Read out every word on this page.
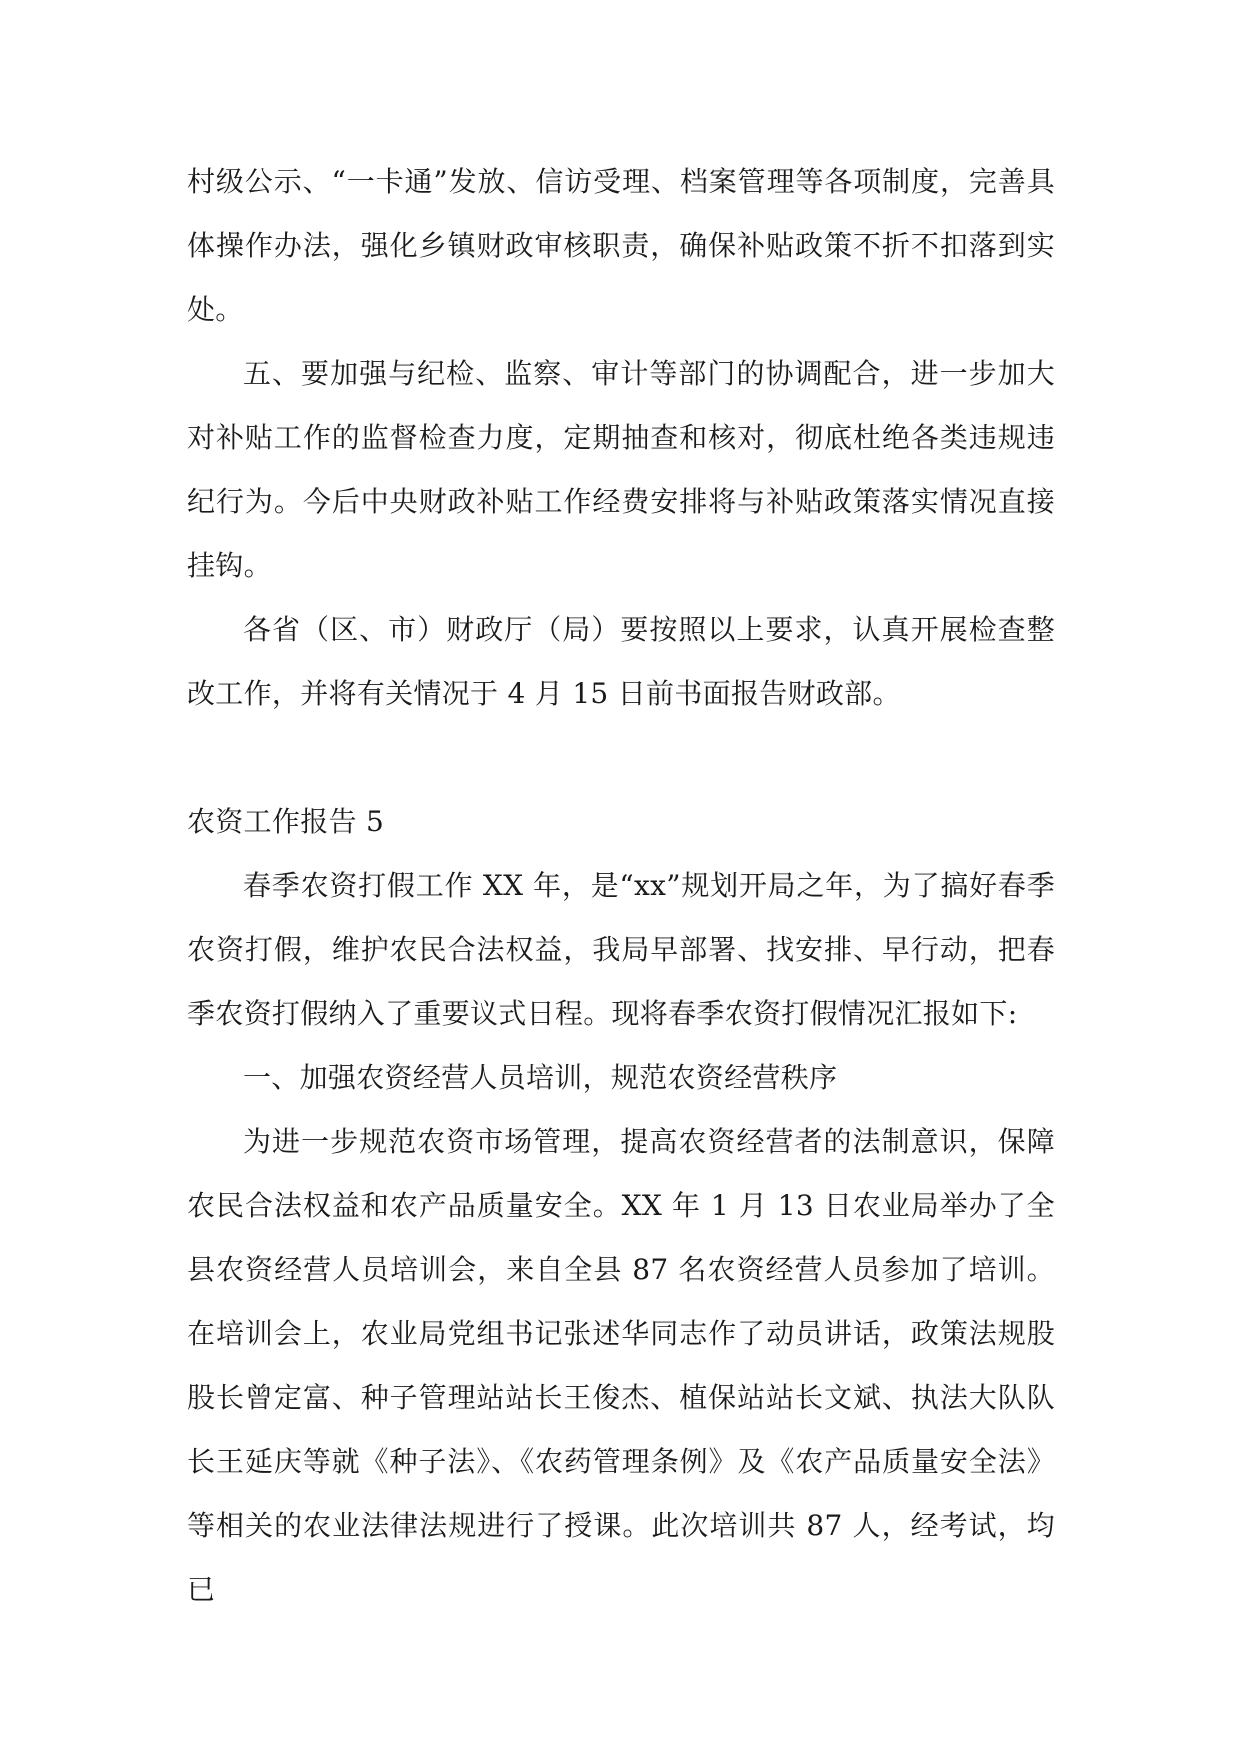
村级公示、“一卡通”发放、信访受理、档案管理等各项制度，完善具体操作办法，强化乡镇财政审核职责，确保补贴政策不折不扣落到实处。

五、要加强与纪检、监察、审计等部门的协调配合，进一步加大对补贴工作的监督检查力度，定期抽查和核对，彻底杜绝各类违规违纪行为。今后中央财政补贴工作经费安排将与补贴政策落实情况直接挂钩。

各省（区、市）财政厅（局）要按照以上要求，认真开展检查整改工作，并将有关情况于 4 月 15 日前书面报告财政部。

农资工作报告 5

春季农资打假工作 XX 年，是“xx”规划开局之年，为了搞好春季农资打假，维护农民合法权益，我局早部署、找安排、早行动，把春季农资打假纳入了重要议式日程。现将春季农资打假情况汇报如下:

一、加强农资经营人员培训，规范农资经营秩序

为进一步规范农资市场管理，提高农资经营者的法制意识，保障农民合法权益和农产品质量安全。XX 年 1 月 13 日农业局举办了全县农资经营人员培训会，来自全县 87 名农资经营人员参加了培训。在培训会上，农业局党组书记张述华同志作了动员讲话，政策法规股股长曾定富、种子管理站站长王俊杰、植保站站长文斌、执法大队队长王延庆等就《种子法》、《农药管理条例》及《农产品质量安全法》等相关的农业法律法规进行了授课。此次培训共 87 人，经考试，均已
